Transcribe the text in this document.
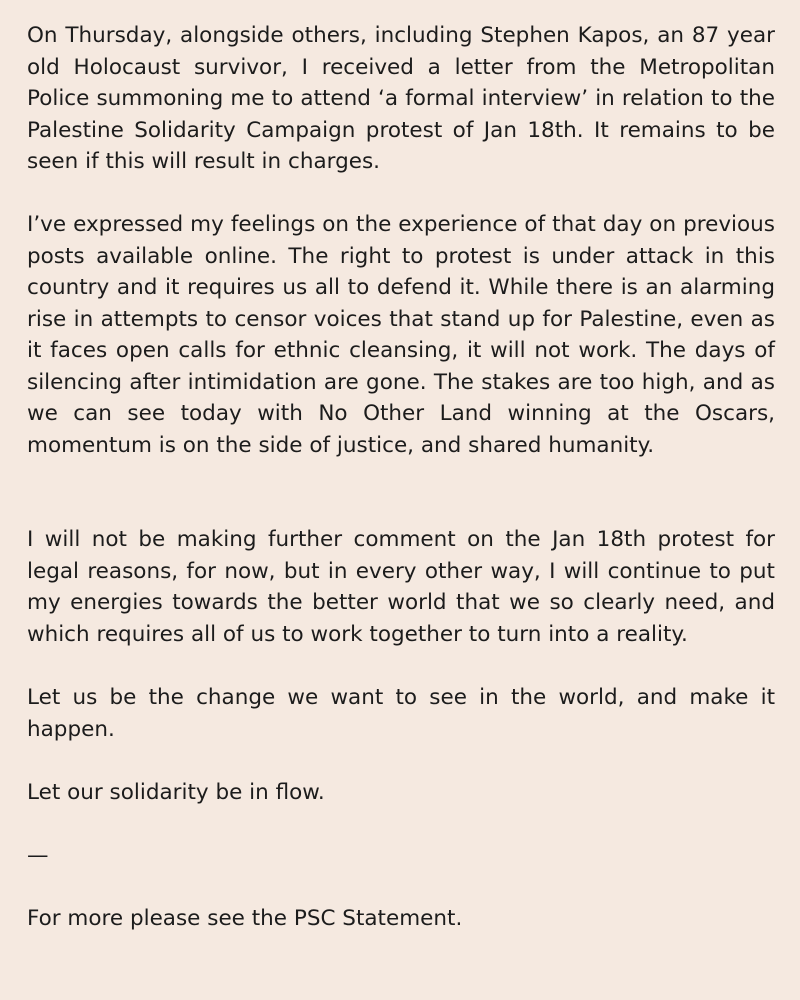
On Thursday, alongside others, including Stephen Kapos, an 87 year old Holocaust survivor, I received a letter from the Metropolitan Police summoning me to attend ‘a formal interview’ in relation to the Palestine Solidarity Campaign protest of Jan 18th. It remains to be seen if this will result in charges.

I’ve expressed my feelings on the experience of that day on previous posts available online. The right to protest is under attack in this country and it requires us all to defend it. While there is an alarming rise in attempts to censor voices that stand up for Palestine, even as it faces open calls for ethnic cleansing, it will not work. The days of silencing after intimidation are gone. The stakes are too high, and as we can see today with No Other Land winning at the Oscars, momentum is on the side of justice, and shared humanity.

I will not be making further comment on the Jan 18th protest for legal reasons, for now, but in every other way, I will continue to put my energies towards the better world that we so clearly need, and which requires all of us to work together to turn into a reality.

Let us be the change we want to see in the world, and make it happen.

Let our solidarity be in flow.

—

For more please see the PSC Statement.
